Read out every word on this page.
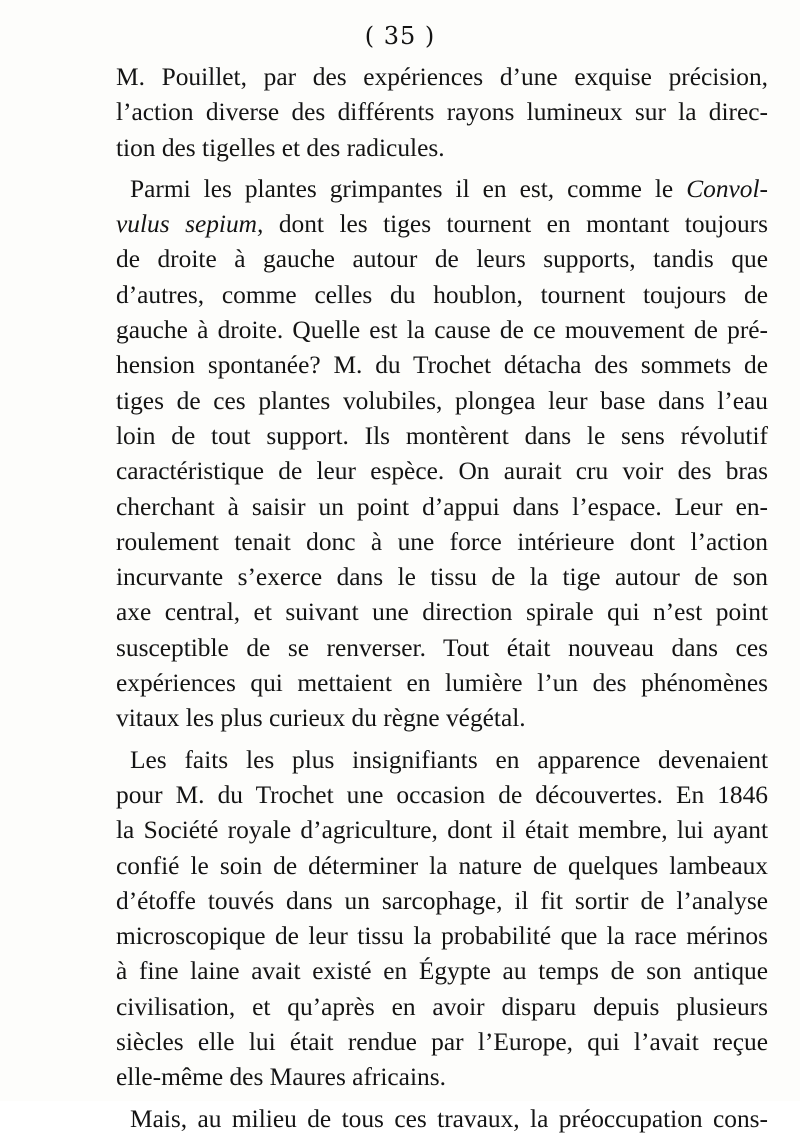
( 35 )
M. Pouillet, par des expériences d’une exquise précision,
l’action diverse des différents rayons lumineux sur la direc-
tion des tigelles et des radicules.
Parmi les plantes grimpantes il en est, comme le Convol-
vulus sepium, dont les tiges tournent en montant toujours
de droite à gauche autour de leurs supports, tandis que
d’autres, comme celles du houblon, tournent toujours de
gauche à droite. Quelle est la cause de ce mouvement de pré-
hension spontanée? M. du Trochet détacha des sommets de
tiges de ces plantes volubiles, plongea leur base dans l’eau
loin de tout support. Ils montèrent dans le sens révolutif
caractéristique de leur espèce. On aurait cru voir des bras
cherchant à saisir un point d’appui dans l’espace. Leur en-
roulement tenait donc à une force intérieure dont l’action
incurvante s’exerce dans le tissu de la tige autour de son
axe central, et suivant une direction spirale qui n’est point
susceptible de se renverser. Tout était nouveau dans ces
expériences qui mettaient en lumière l’un des phénomènes
vitaux les plus curieux du règne végétal.
Les faits les plus insignifiants en apparence devenaient
pour M. du Trochet une occasion de découvertes. En 1846
la Société royale d’agriculture, dont il était membre, lui ayant
confié le soin de déterminer la nature de quelques lambeaux
d’étoffe touvés dans un sarcophage, il fit sortir de l’analyse
microscopique de leur tissu la probabilité que la race mérinos
à fine laine avait existé en Égypte au temps de son antique
civilisation, et qu’après en avoir disparu depuis plusieurs
siècles elle lui était rendue par l’Europe, qui l’avait reçue
elle-même des Maures africains.
Mais, au milieu de tous ces travaux, la préoccupation cons-
